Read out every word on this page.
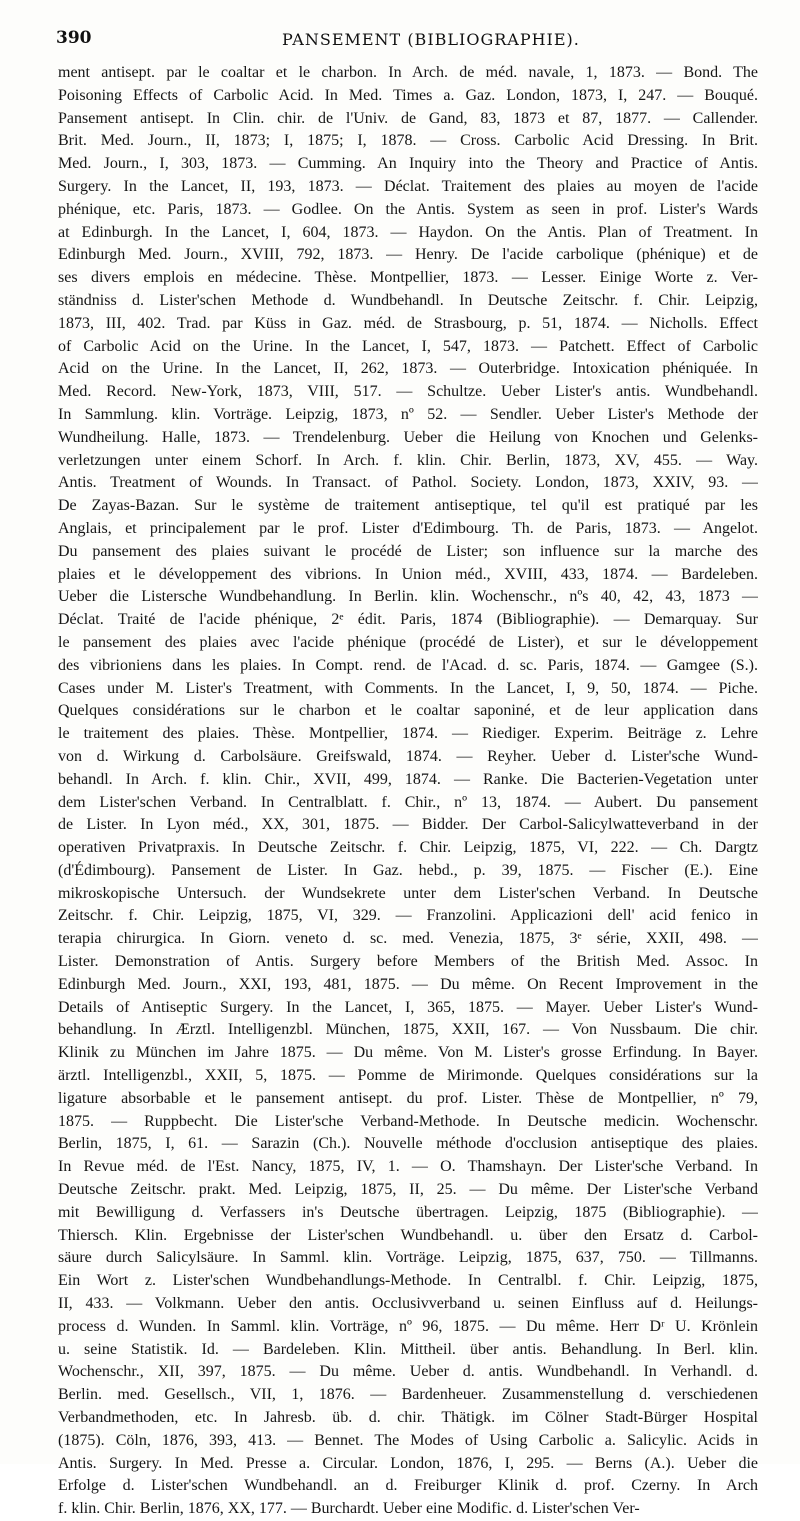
390	PANSEMENT (BIBLIOGRAPHIE).
ment antisept. par le coaltar et le charbon. In Arch. de méd. navale, 1, 1873. — Bond. The
Poisoning Effects of Carbolic Acid. In Med. Times a. Gaz. London, 1873, I, 247. — Bouqué.
Pansement antisept. In Clin. chir. de l'Univ. de Gand, 83, 1873 et 87, 1877. — Callender.
Brit. Med. Journ., II, 1873; I, 1875; I, 1878. — Cross. Carbolic Acid Dressing. In Brit.
Med. Journ., I, 303, 1873. — Cumming. An Inquiry into the Theory and Practice of Antis.
Surgery. In the Lancet, II, 193, 1873. — Déclat. Traitement des plaies au moyen de l'acide
phénique, etc. Paris, 1873. — Godlee. On the Antis. System as seen in prof. Lister's Wards
at Edinburgh. In the Lancet, I, 604, 1873. — Haydon. On the Antis. Plan of Treatment. In
Edinburgh Med. Journ., XVIII, 792, 1873. — Henry. De l'acide carbolique (phénique) et de
ses divers emplois en médecine. Thèse. Montpellier, 1873. — Lesser. Einige Worte z. Ver-
ständniss d. Lister'schen Methode d. Wundbehandl. In Deutsche Zeitschr. f. Chir. Leipzig,
1873, III, 402. Trad. par Küss in Gaz. méd. de Strasbourg, p. 51, 1874. — Nicholls. Effect
of Carbolic Acid on the Urine. In the Lancet, I, 547, 1873. — Patchett. Effect of Carbolic
Acid on the Urine. In the Lancet, II, 262, 1873. — Outerbridge. Intoxication phéniquée. In
Med. Record. New-York, 1873, VIII, 517. — Schultze. Ueber Lister's antis. Wundbehandl.
In Sammlung. klin. Vorträge. Leipzig, 1873, nº 52. — Sendler. Ueber Lister's Methode der
Wundheilung. Halle, 1873. — Trendelenburg. Ueber die Heilung von Knochen und Gelenks-
verletzungen unter einem Schorf. In Arch. f. klin. Chir. Berlin, 1873, XV, 455. — Way.
Antis. Treatment of Wounds. In Transact. of Pathol. Society. London, 1873, XXIV, 93. —
De Zayas-Bazan. Sur le système de traitement antiseptique, tel qu'il est pratiqué par les
Anglais, et principalement par le prof. Lister d'Edimbourg. Th. de Paris, 1873. — Angelot.
Du pansement des plaies suivant le procédé de Lister; son influence sur la marche des
plaies et le développement des vibrions. In Union méd., XVIII, 433, 1874. — Bardeleben.
Ueber die Listersche Wundbehandlung. In Berlin. klin. Wochenschr., nºs 40, 42, 43, 1873 —
Déclat. Traité de l'acide phénique, 2ᵉ édit. Paris, 1874 (Bibliographie). — Demarquay. Sur
le pansement des plaies avec l'acide phénique (procédé de Lister), et sur le développement
des vibrioniens dans les plaies. In Compt. rend. de l'Acad. d. sc. Paris, 1874. — Gamgee (S.).
Cases under M. Lister's Treatment, with Comments. In the Lancet, I, 9, 50, 1874. — Piche.
Quelques considérations sur le charbon et le coaltar saponiné, et de leur application dans
le traitement des plaies. Thèse. Montpellier, 1874. — Riediger. Experim. Beiträge z. Lehre
von d. Wirkung d. Carbolsäure. Greifswald, 1874. — Reyher. Ueber d. Lister'sche Wund-
behandl. In Arch. f. klin. Chir., XVII, 499, 1874. — Ranke. Die Bacterien-Vegetation unter
dem Lister'schen Verband. In Centralblatt. f. Chir., nº 13, 1874. — Aubert. Du pansement
de Lister. In Lyon méd., XX, 301, 1875. — Bidder. Der Carbol-Salicylwatteverband in der
operativen Privatpraxis. In Deutsche Zeitschr. f. Chir. Leipzig, 1875, VI, 222. — Ch. Dargtz
(d'Édimbourg). Pansement de Lister. In Gaz. hebd., p. 39, 1875. — Fischer (E.). Eine
mikroskopische Untersuch. der Wundsekrete unter dem Lister'schen Verband. In Deutsche
Zeitschr. f. Chir. Leipzig, 1875, VI, 329. — Franzolini. Applicazioni dell' acid fenico in
terapia chirurgica. In Giorn. veneto d. sc. med. Venezia, 1875, 3ᵉ série, XXII, 498. —
Lister. Demonstration of Antis. Surgery before Members of the British Med. Assoc. In
Edinburgh Med. Journ., XXI, 193, 481, 1875. — Du même. On Recent Improvement in the
Details of Antiseptic Surgery. In the Lancet, I, 365, 1875. — Mayer. Ueber Lister's Wund-
behandlung. In Ærztl. Intelligenzbl. München, 1875, XXII, 167. — Von Nussbaum. Die chir.
Klinik zu München im Jahre 1875. — Du même. Von M. Lister's grosse Erfindung. In Bayer.
ärztl. Intelligenzbl., XXII, 5, 1875. — Pomme de Mirimonde. Quelques considérations sur la
ligature absorbable et le pansement antisept. du prof. Lister. Thèse de Montpellier, nº 79,
1875. — Ruppbecht. Die Lister'sche Verband-Methode. In Deutsche medicin. Wochenschr.
Berlin, 1875, I, 61. — Sarazin (Ch.). Nouvelle méthode d'occlusion antiseptique des plaies.
In Revue méd. de l'Est. Nancy, 1875, IV, 1. — O. Thamshayn. Der Lister'sche Verband. In
Deutsche Zeitschr. prakt. Med. Leipzig, 1875, II, 25. — Du même. Der Lister'sche Verband
mit Bewilligung d. Verfassers in's Deutsche übertragen. Leipzig, 1875 (Bibliographie). —
Thiersch. Klin. Ergebnisse der Lister'schen Wundbehandl. u. über den Ersatz d. Carbol-
säure durch Salicylsäure. In Samml. klin. Vorträge. Leipzig, 1875, 637, 750. — Tillmanns.
Ein Wort z. Lister'schen Wundbehandlungs-Methode. In Centralbl. f. Chir. Leipzig, 1875,
II, 433. — Volkmann. Ueber den antis. Occlusivverband u. seinen Einfluss auf d. Heilungs-
process d. Wunden. In Samml. klin. Vorträge, nº 96, 1875. — Du même. Herr Dʳ U. Krönlein
u. seine Statistik. Id. — Bardeleben. Klin. Mittheil. über antis. Behandlung. In Berl. klin.
Wochenschr., XII, 397, 1875. — Du même. Ueber d. antis. Wundbehandl. In Verhandl. d.
Berlin. med. Gesellsch., VII, 1, 1876. — Bardenheuer. Zusammenstellung d. verschiedenen
Verbandmethoden, etc. In Jahresb. üb. d. chir. Thätigk. im Cölner Stadt-Bürger Hospital
(1875). Cöln, 1876, 393, 413. — Bennet. The Modes of Using Carbolic a. Salicylic. Acids in
Antis. Surgery. In Med. Presse a. Circular. London, 1876, I, 295. — Berns (A.). Ueber die
Erfolge d. Lister'schen Wundbehandl. an d. Freiburger Klinik d. prof. Czerny. In Arch
f. klin. Chir. Berlin, 1876, XX, 177. — Burchardt. Ueber eine Modific. d. Lister'schen Ver-
